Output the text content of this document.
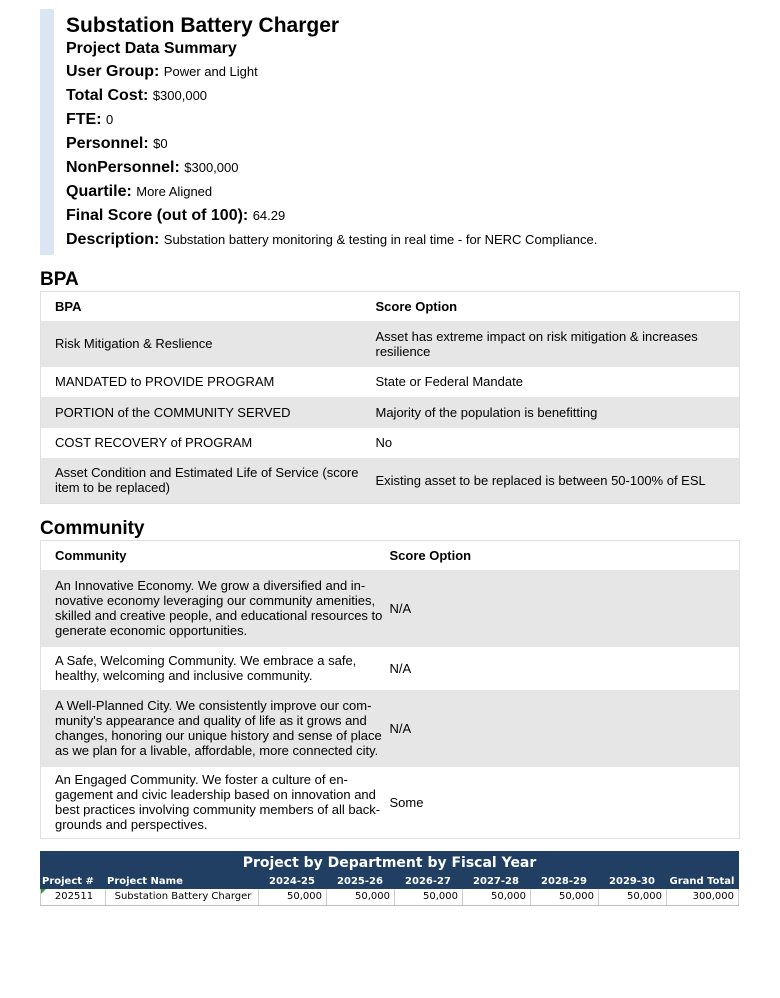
Substation Battery Charger
Project Data Summary
User Group: Power and Light
Total Cost: $300,000
FTE: 0
Personnel: $0
NonPersonnel: $300,000
Quartile: More Aligned
Final Score (out of 100): 64.29
Description: Substation battery monitoring & testing in real time - for NERC Compliance.
BPA
BPA	Score Option
Risk Mitigation & Reslience	Asset has extreme impact on risk mitigation & increases resilience
MANDATED to PROVIDE PROGRAM	State or Federal Mandate
PORTION of the COMMUNITY SERVED	Majority of the population is benefitting
COST RECOVERY of PROGRAM	No
Asset Condition and Estimated Life of Service (score item to be replaced)	Existing asset to be replaced is between 50-100% of ESL
Community
Community	Score Option
An Innovative Economy. We grow a diversified and in-novative economy leveraging our community amenities, skilled and creative people, and educational resources to generate economic opportunities.	N/A
A Safe, Welcoming Community. We embrace a safe, healthy, welcoming and inclusive community.	N/A
A Well-Planned City. We consistently improve our com-munity's appearance and quality of life as it grows and changes, honoring our unique history and sense of place as we plan for a livable, affordable, more connected city.	N/A
An Engaged Community. We foster a culture of en-gagement and civic leadership based on innovation and best practices involving community members of all back-grounds and perspectives.	Some
Project by Department by Fiscal Year
Project #	Project Name	2024-25	2025-26	2026-27	2027-28	2028-29	2029-30	Grand Total
202511	Substation Battery Charger	50,000	50,000	50,000	50,000	50,000	50,000	300,000
